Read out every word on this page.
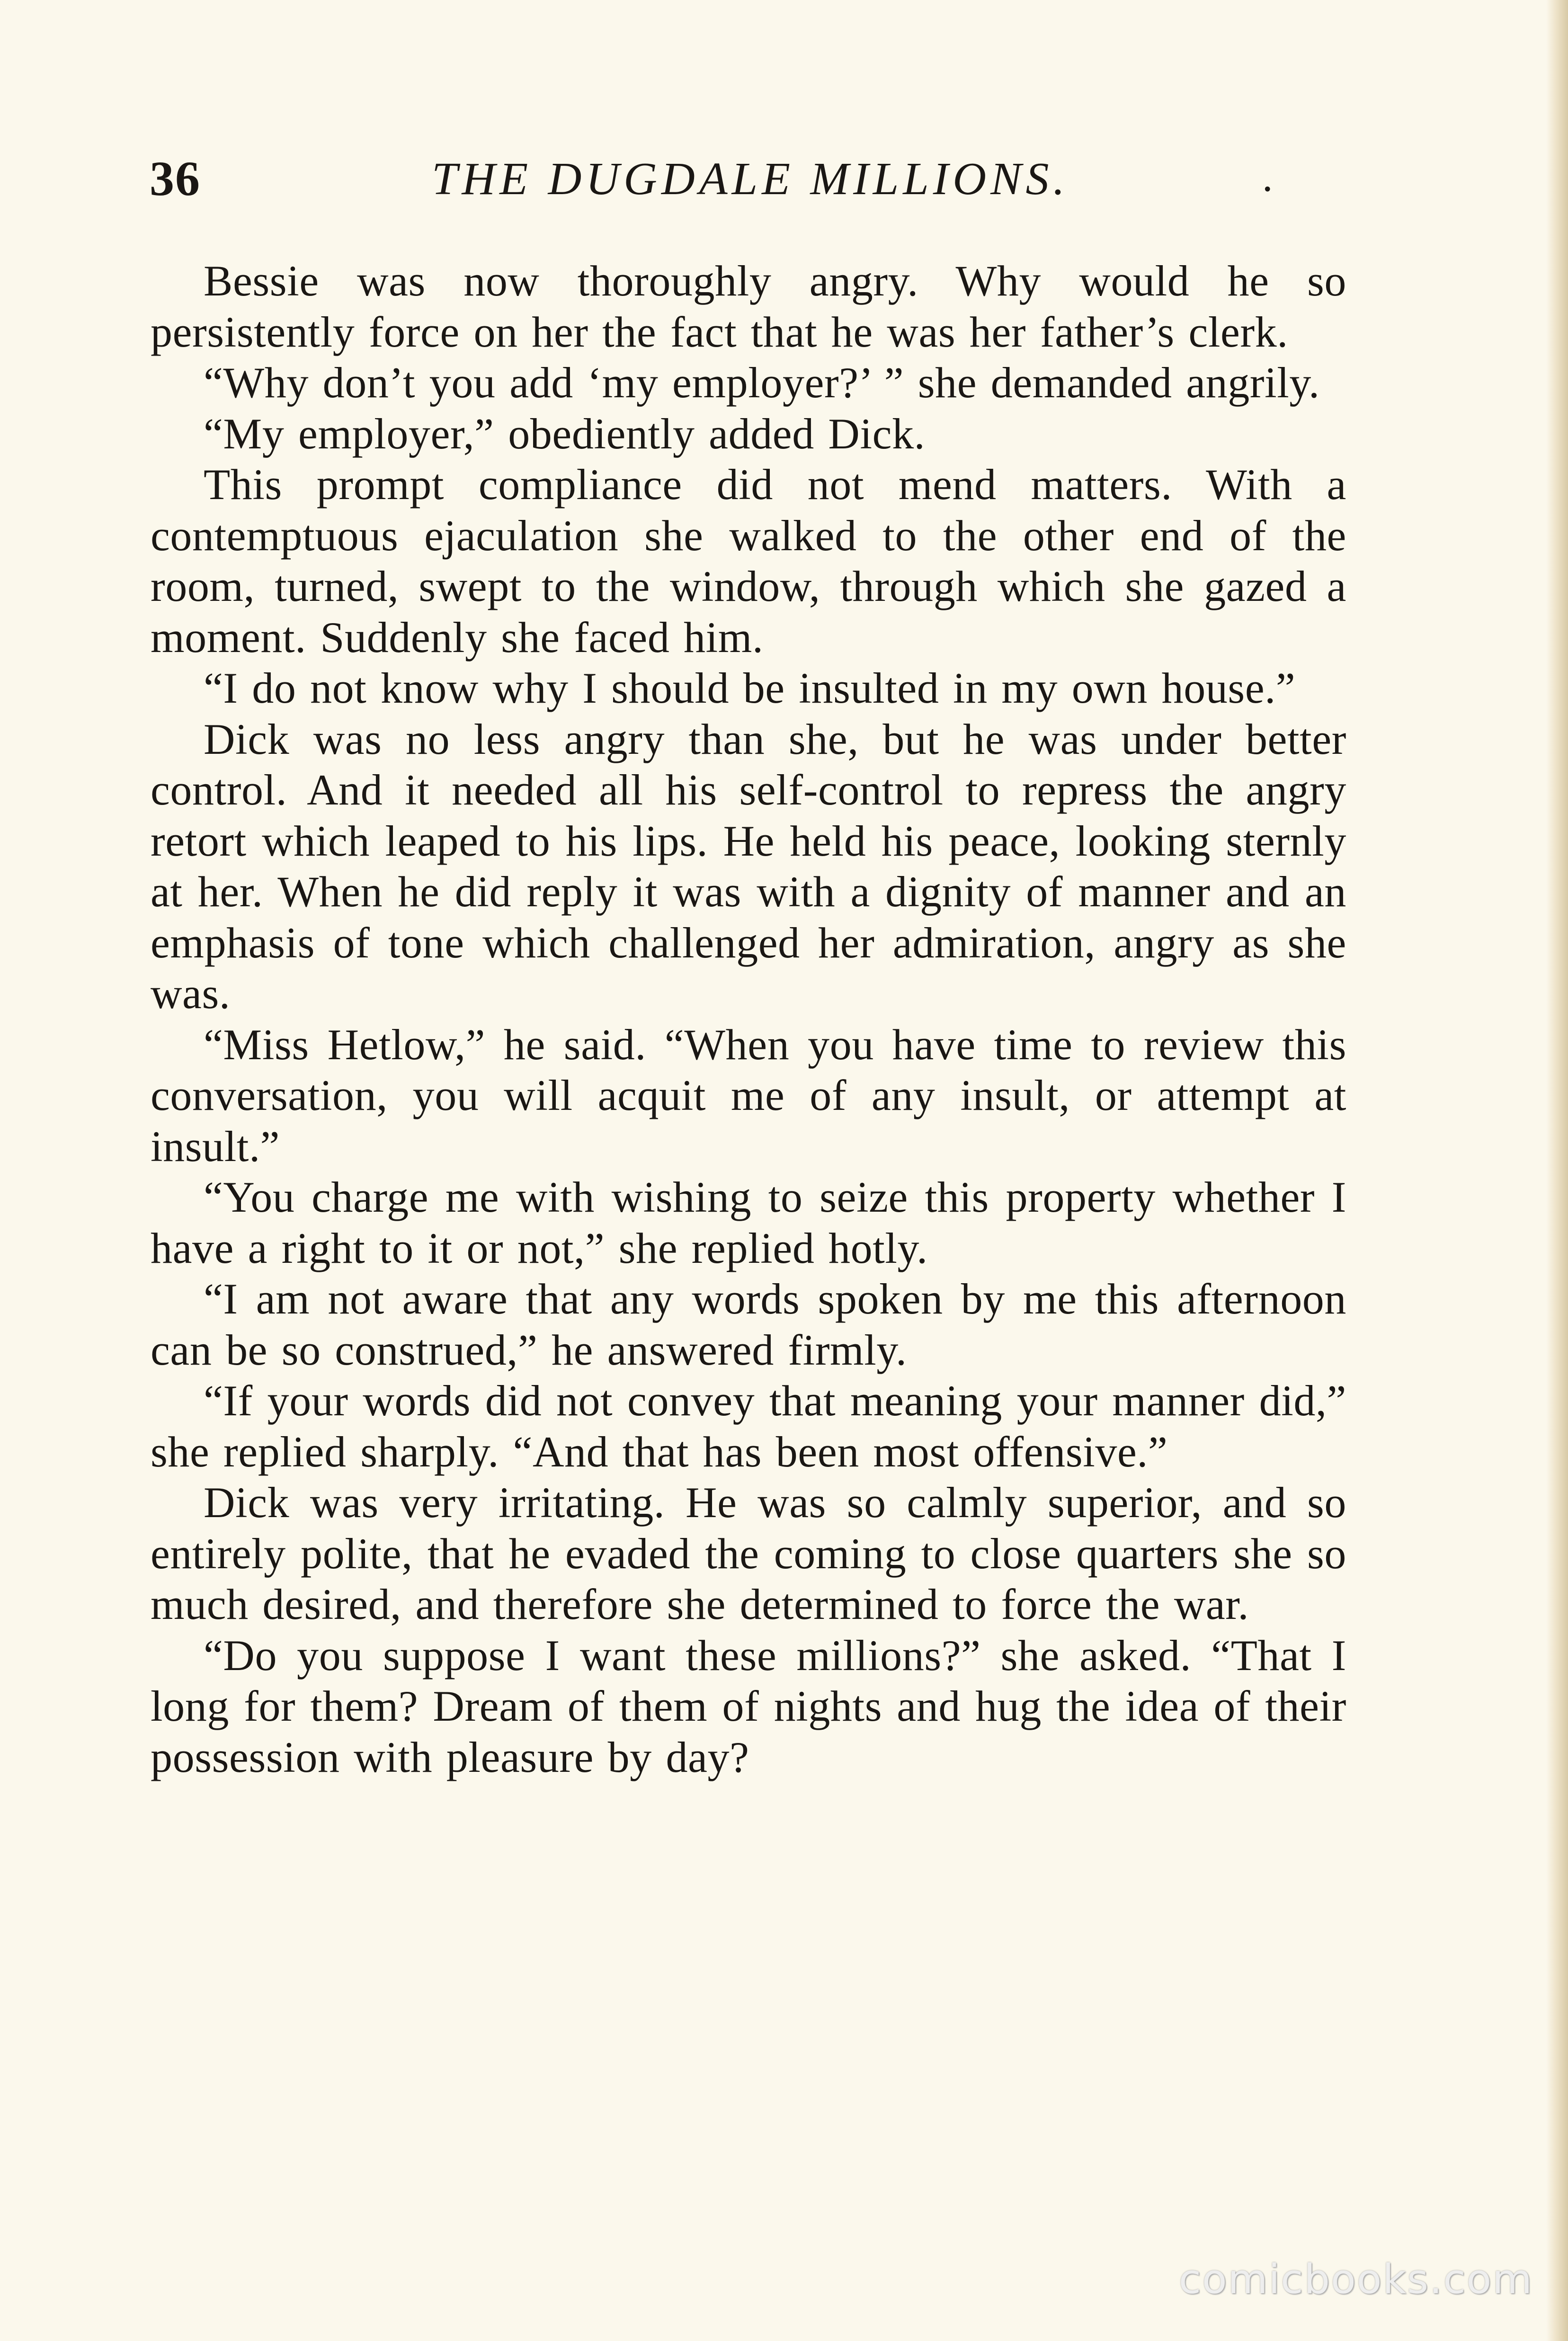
36	THE DUGDALE MILLIONS.	.

Bessie was now thoroughly angry. Why would he so persistently force on her the fact that he was her father’s clerk.

“Why don’t you add ‘my employer?’ ” she demanded angrily.

“My employer,” obediently added Dick.

This prompt compliance did not mend matters. With a contemptuous ejaculation she walked to the other end of the room, turned, swept to the window, through which she gazed a moment. Suddenly she faced him.

“I do not know why I should be insulted in my own house.”

Dick was no less angry than she, but he was under better control. And it needed all his self-control to repress the angry retort which leaped to his lips. He held his peace, looking sternly at her. When he did reply it was with a dignity of manner and an emphasis of tone which challenged her admiration, angry as she was.

“Miss Hetlow,” he said. “When you have time to review this conversation, you will acquit me of any insult, or attempt at insult.”

“You charge me with wishing to seize this property whether I have a right to it or not,” she replied hotly.

“I am not aware that any words spoken by me this afternoon can be so construed,” he answered firmly.

“If your words did not convey that meaning your manner did,” she replied sharply. “And that has been most offensive.”

Dick was very irritating. He was so calmly superior, and so entirely polite, that he evaded the coming to close quarters she so much desired, and therefore she determined to force the war.

“Do you suppose I want these millions?” she asked. “That I long for them? Dream of them of nights and hug the idea of their possession with pleasure by day?

comicbooks.com
